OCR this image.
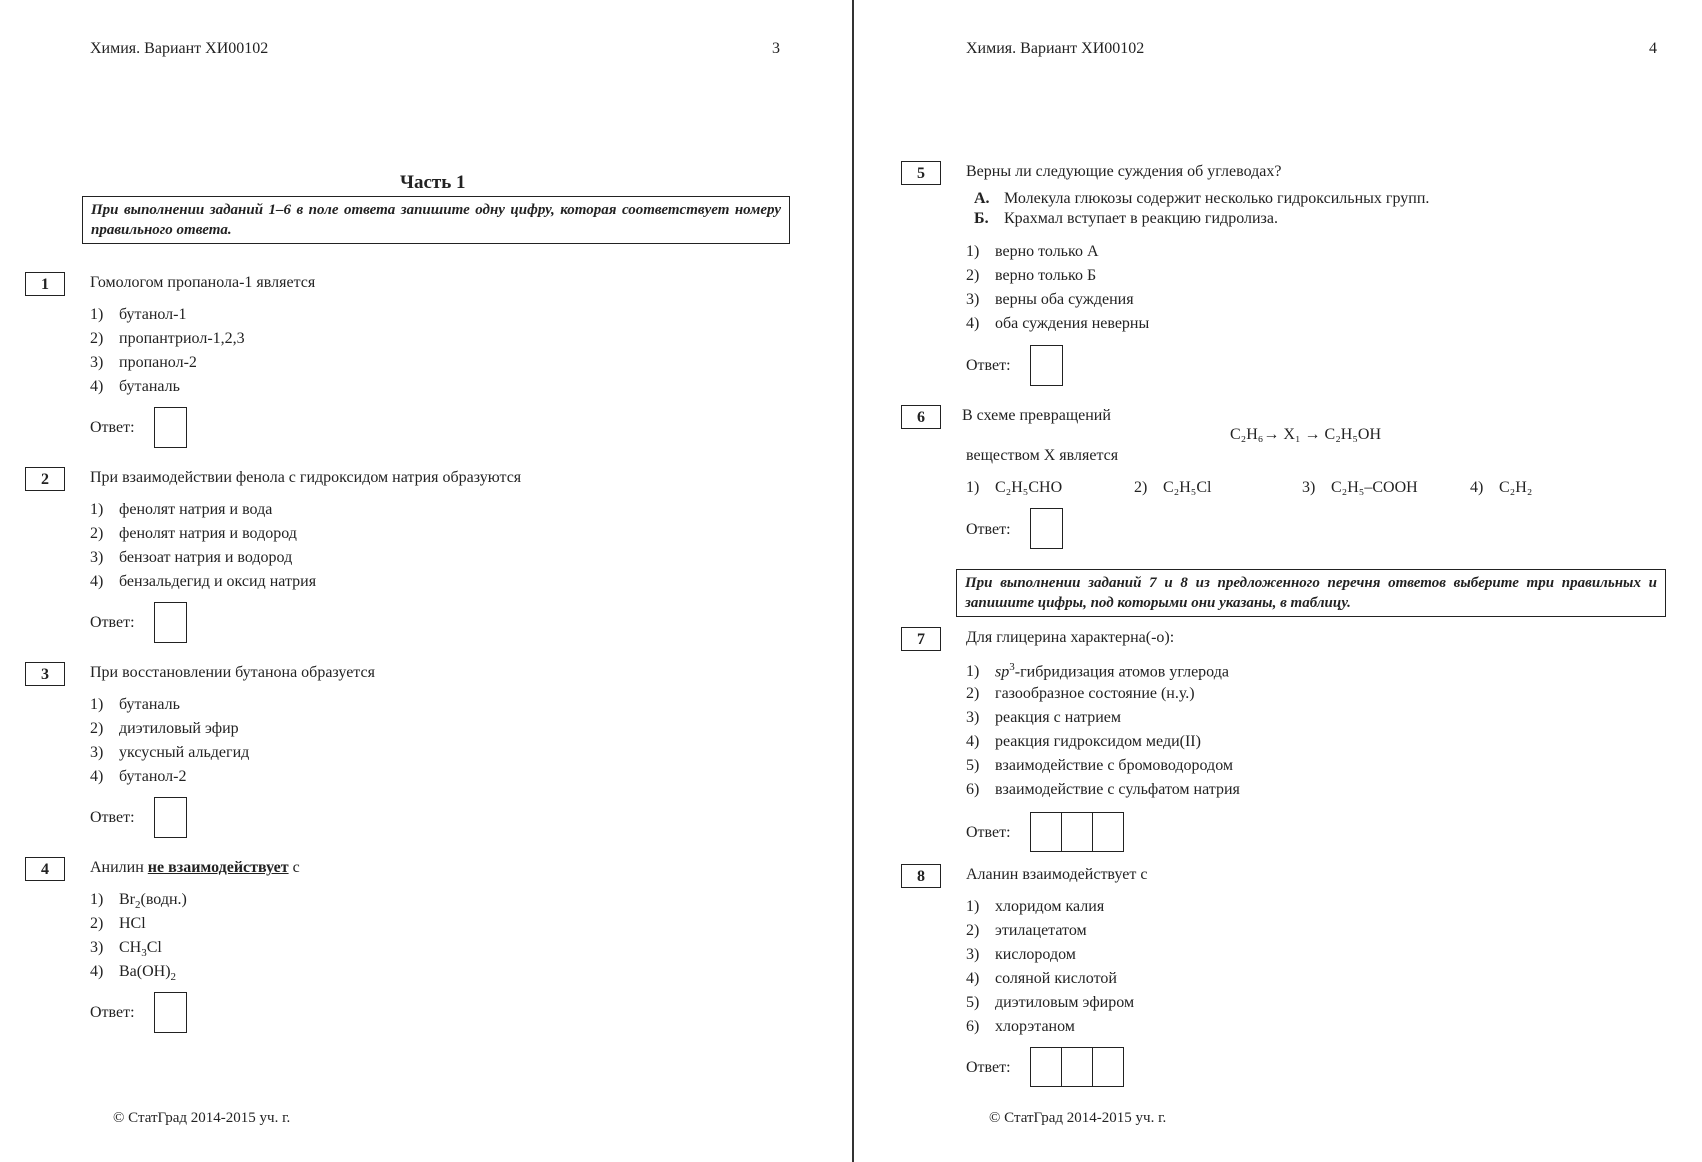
Химия. Вариант ХИ00102	3
Часть 1
При выполнении заданий 1–6 в поле ответа запишите одну цифру, которая соответствует номеру правильного ответа.
1	Гомологом пропанола-1 является
1) бутанол-1
2) пропантриол-1,2,3
3) пропанол-2
4) бутаналь
Ответ:
2	При взаимодействии фенола с гидроксидом натрия образуются
1) фенолят натрия и вода
2) фенолят натрия и водород
3) бензоат натрия и водород
4) бензальдегид и оксид натрия
Ответ:
3	При восстановлении бутанона образуется
1) бутаналь
2) диэтиловый эфир
3) уксусный альдегид
4) бутанол-2
Ответ:
4	Анилин не взаимодействует с
1) $Br_2(водн.)$
2) HCl
3) $CH_3Cl$
4) $Ba(OH)_2$
Ответ:
© СтатГрад 2014-2015 уч. г.
Химия. Вариант ХИ00102	4
5	Верны ли следующие суждения об углеводах?
А. Молекула глюкозы содержит несколько гидроксильных групп.
Б. Крахмал вступает в реакцию гидролиза.
1) верно только А
2) верно только Б
3) верны оба суждения
4) оба суждения неверны
Ответ:
6	В схеме превращений
C₂H₆→ X₁ → C₂H₅OH
веществом X является
1) C₂H₅CHO	2) C₂H₅Cl	3) C₂H₅–COOH	4) C₂H₂
Ответ:
При выполнении заданий 7 и 8 из предложенного перечня ответов выберите три правильных и запишите цифры, под которыми они указаны, в таблицу.
7	Для глицерина характерна(-о):
1) $sp^3$-гибридизация атомов углерода
2) газообразное состояние (н.у.)
3) реакция с натрием
4) реакция гидроксидом меди(II)
5) взаимодействие с бромоводородом
6) взаимодействие с сульфатом натрия
Ответ:
8	Аланин взаимодействует с
1) хлоридом калия
2) этилацетатом
3) кислородом
4) соляной кислотой
5) диэтиловым эфиром
6) хлорэтаном
Ответ:
© СтатГрад 2014-2015 уч. г.
